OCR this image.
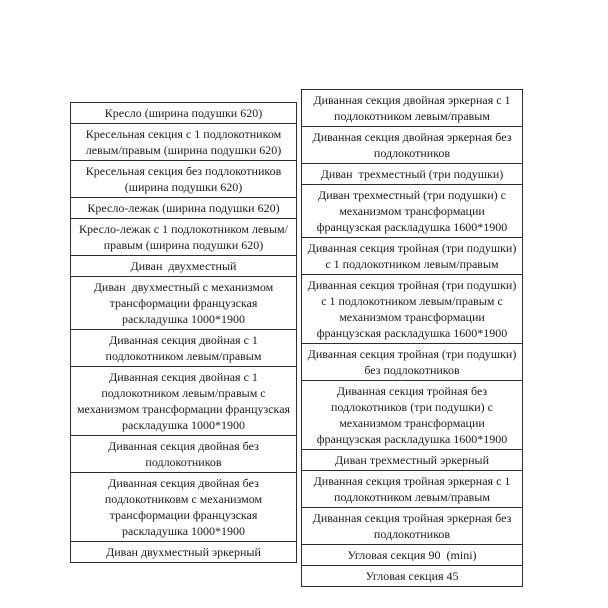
Кресло (ширина подушки 620)
Кресельная секция с 1 подлокотником левым/правым (ширина подушки 620)
Кресельная секция без подлокотников (ширина подушки 620)
Кресло-лежак (ширина подушки 620)
Кресло-лежак с 1 подлокотником левым/правым (ширина подушки 620)
Диван  двухместный
Диван  двухместный с механизмом трансформации французская раскладушка 1000*1900
Диванная секция двойная с 1 подлокотником левым/правым
Диванная секция двойная с 1 подлокотником левым/правым с механизмом трансформации французская раскладушка 1000*1900
Диванная секция двойная без подлокотников
Диванная секция двойная без подлокотниковм с механизмом трансформации французская раскладушка 1000*1900
Диван двухместный эркерный
Диванная секция двойная эркерная с 1 подлокотником левым/правым
Диванная секция двойная эркерная без подлокотников
Диван  трехместный (три подушки)
Диван трехместный (три подушки) с механизмом трансформации французская раскладушка 1600*1900
Диванная секция тройная (три подушки) с 1 подлокотником левым/правым
Диванная секция тройная (три подушки) с 1 подлокотником левым/правым с механизмом трансформации французская раскладушка 1600*1900
Диванная секция тройная (три подушки) без подлокотников
Диванная секция тройная без подлокотников (три подушки) с механизмом трансформации французская раскладушка 1600*1900
Диван трехместный эркерный
Диванная секция тройная эркерная с 1 подлокотником левым/правым
Диванная секция тройная эркерная без подлокотников
Угловая секция 90  (mini)
Угловая секция 45
